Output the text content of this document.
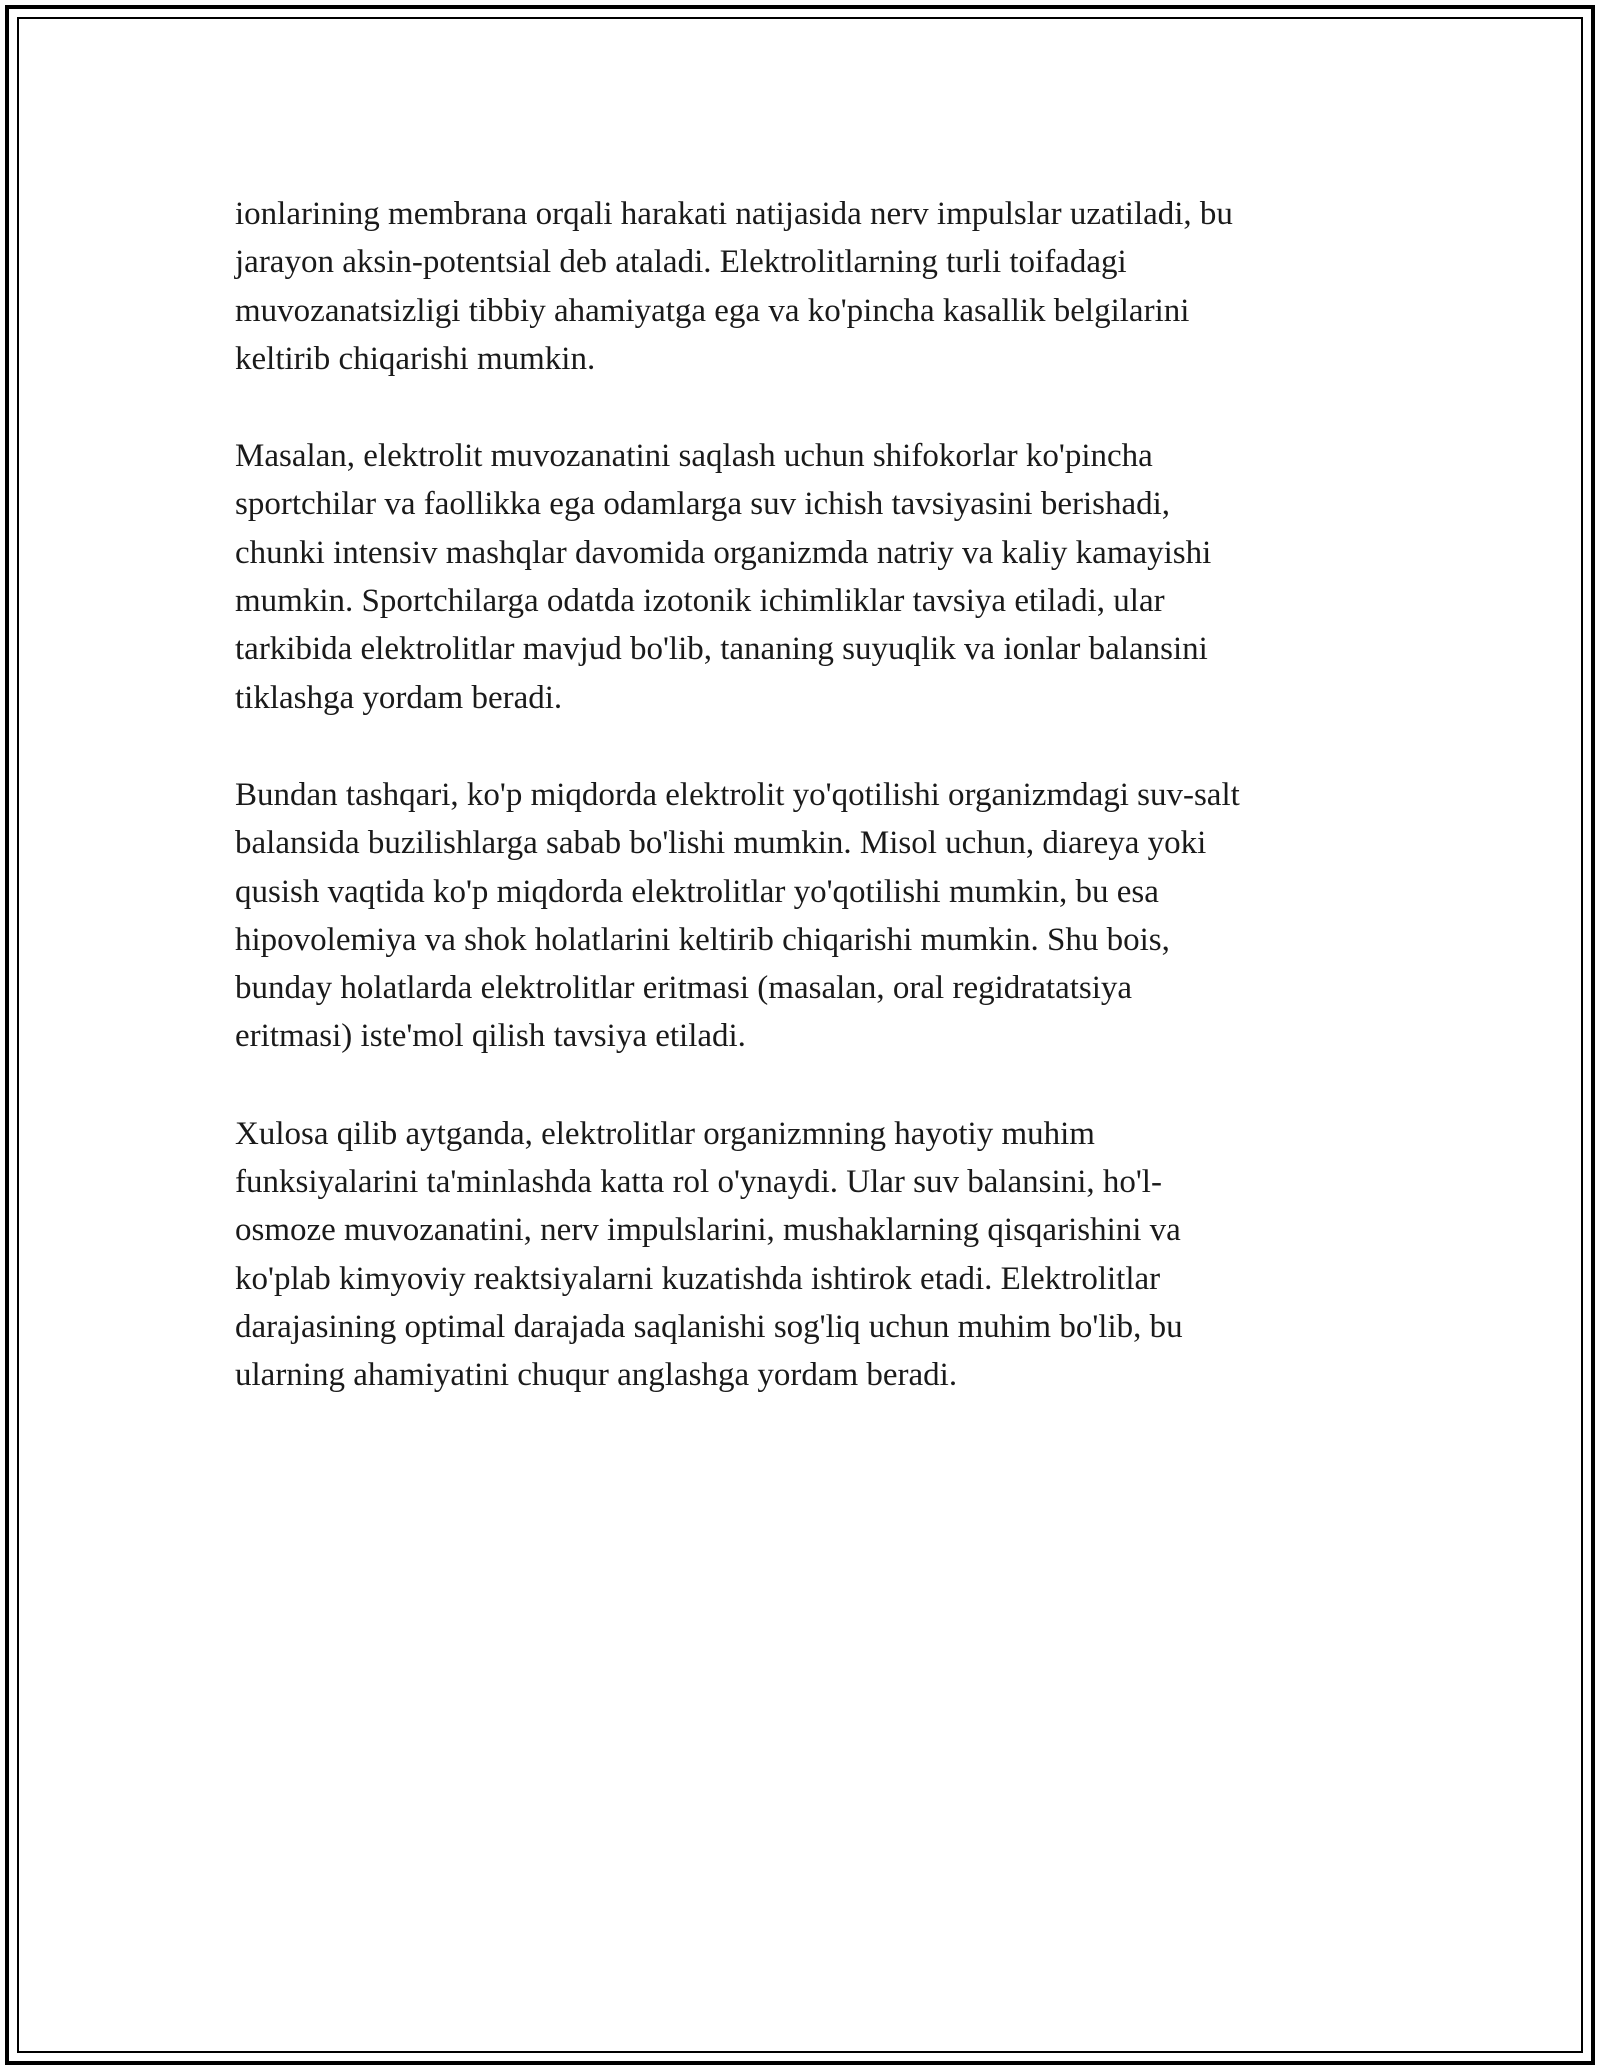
ionlarining membrana orqali harakati natijasida nerv impulslar uzatiladi, bu
jarayon aksin-potentsial deb ataladi. Elektrolitlarning turli toifadagi
muvozanatsizligi tibbiy ahamiyatga ega va ko'pincha kasallik belgilarini
keltirib chiqarishi mumkin.

Masalan, elektrolit muvozanatini saqlash uchun shifokorlar ko'pincha
sportchilar va faollikka ega odamlarga suv ichish tavsiyasini berishadi,
chunki intensiv mashqlar davomida organizmda natriy va kaliy kamayishi
mumkin. Sportchilarga odatda izotonik ichimliklar tavsiya etiladi, ular
tarkibida elektrolitlar mavjud bo'lib, tananing suyuqlik va ionlar balansini
tiklashga yordam beradi.

Bundan tashqari, ko'p miqdorda elektrolit yo'qotilishi organizmdagi suv-salt
balansida buzilishlarga sabab bo'lishi mumkin. Misol uchun, diareya yoki
qusish vaqtida ko'p miqdorda elektrolitlar yo'qotilishi mumkin, bu esa
hipovolemiya va shok holatlarini keltirib chiqarishi mumkin. Shu bois,
bunday holatlarda elektrolitlar eritmasi (masalan, oral regidratatsiya
eritmasi) iste'mol qilish tavsiya etiladi.

Xulosa qilib aytganda, elektrolitlar organizmning hayotiy muhim
funksiyalarini ta'minlashda katta rol o'ynaydi. Ular suv balansini, ho'l-
osmoze muvozanatini, nerv impulslarini, mushaklarning qisqarishini va
ko'plab kimyoviy reaktsiyalarni kuzatishda ishtirok etadi. Elektrolitlar
darajasining optimal darajada saqlanishi sog'liq uchun muhim bo'lib, bu
ularning ahamiyatini chuqur anglashga yordam beradi.
